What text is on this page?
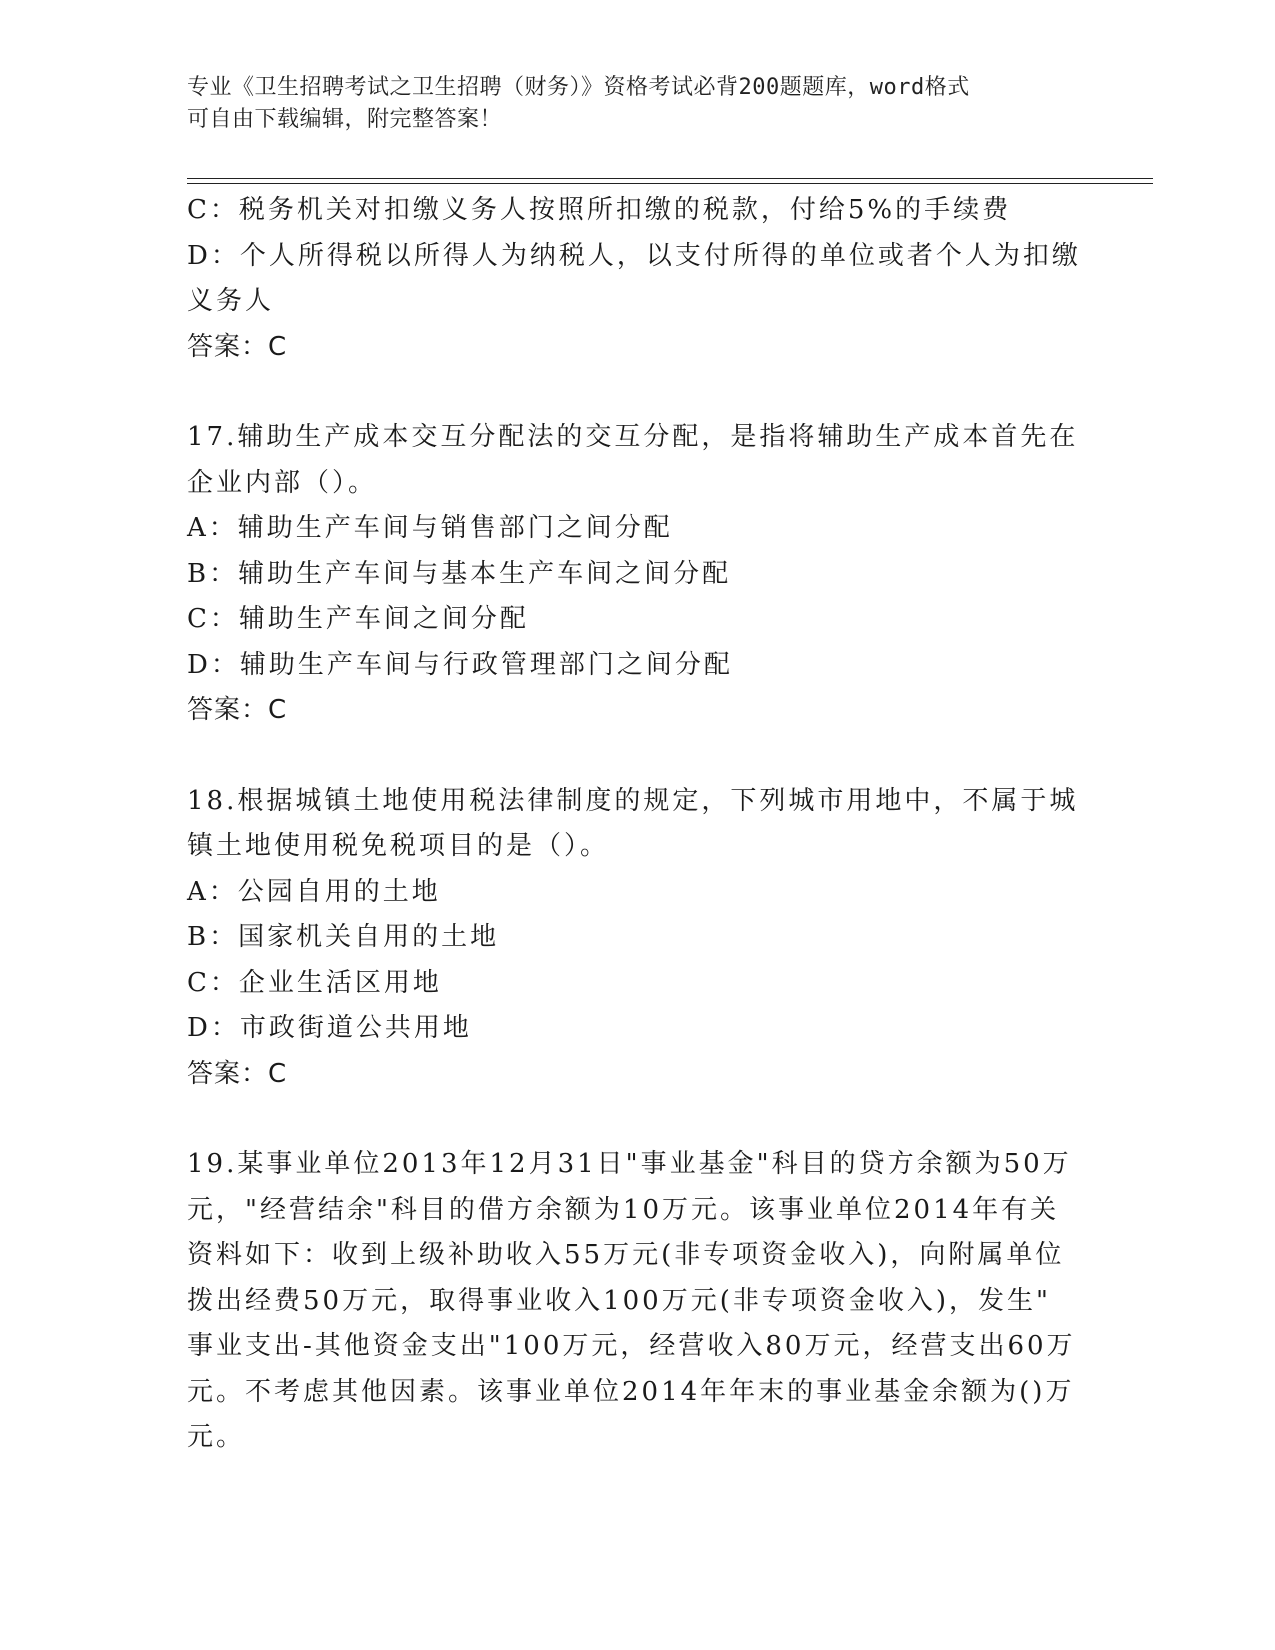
专业《卫生招聘考试之卫生招聘（财务）》资格考试必背200题题库，word格式
可自由下载编辑，附完整答案！
C：税务机关对扣缴义务人按照所扣缴的税款，付给5%的手续费
D：个人所得税以所得人为纳税人，以支付所得的单位或者个人为扣缴
义务人
答案：C
17.辅助生产成本交互分配法的交互分配，是指将辅助生产成本首先在
企业内部（）。
A：辅助生产车间与销售部门之间分配
B：辅助生产车间与基本生产车间之间分配
C：辅助生产车间之间分配
D：辅助生产车间与行政管理部门之间分配
答案：C
18.根据城镇土地使用税法律制度的规定，下列城市用地中，不属于城
镇土地使用税免税项目的是（）。
A：公园自用的土地
B：国家机关自用的土地
C：企业生活区用地
D：市政街道公共用地
答案：C
19.某事业单位2013年12月31日"事业基金"科目的贷方余额为50万
元，"经营结余"科目的借方余额为10万元。该事业单位2014年有关
资料如下：收到上级补助收入55万元(非专项资金收入)，向附属单位
拨出经费50万元，取得事业收入100万元(非专项资金收入)，发生"
事业支出-其他资金支出"100万元，经营收入80万元，经营支出60万
元。不考虑其他因素。该事业单位2014年年末的事业基金余额为()万
元。
